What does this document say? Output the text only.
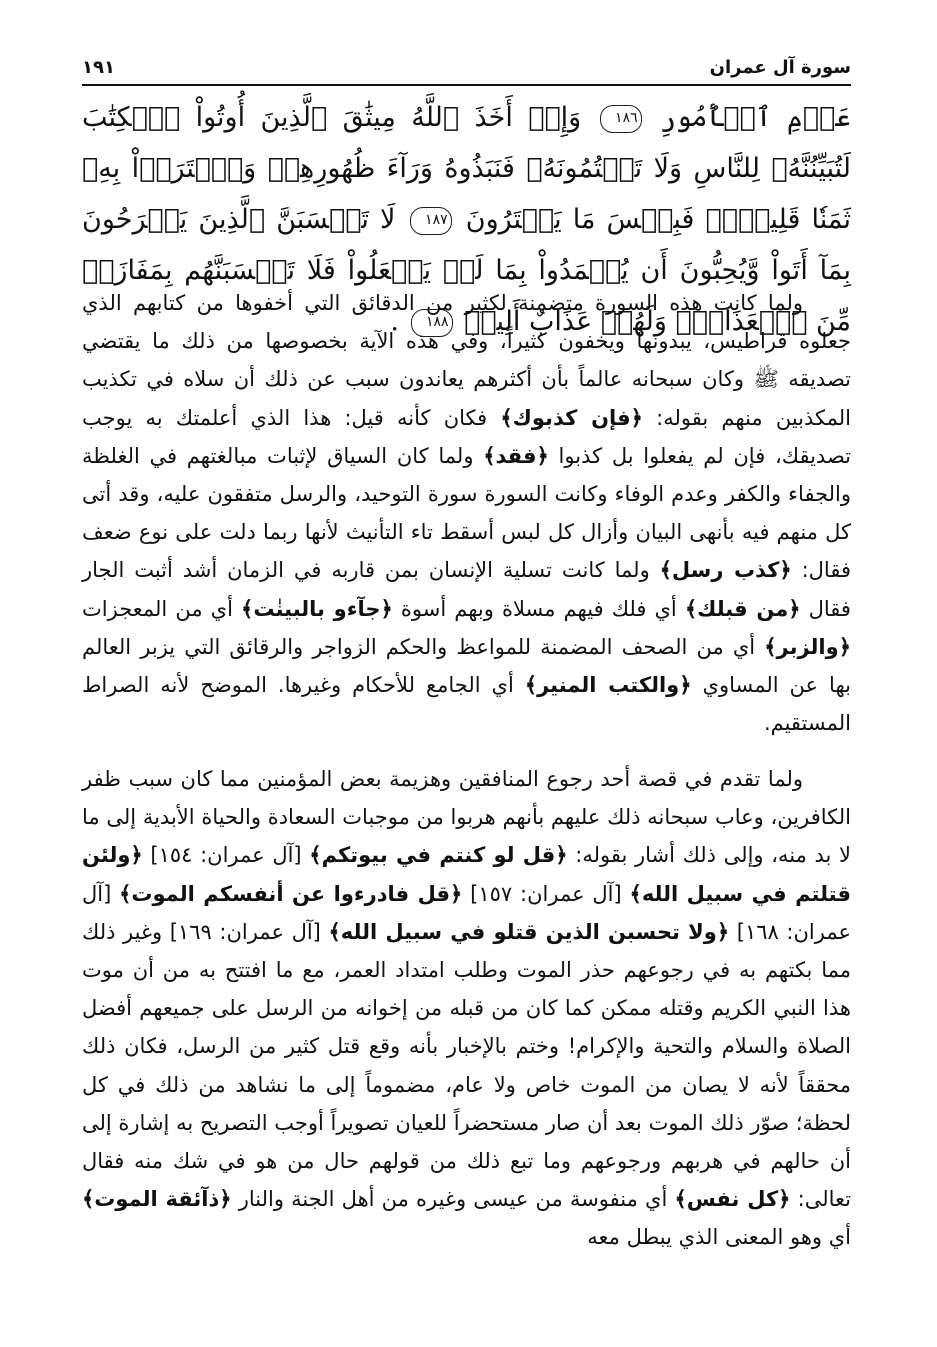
سورة آل عمران
١٩١

عَزۡمِ ٱلۡأُمُورِ ١٨٦ وَإِذۡ أَخَذَ ٱللَّهُ مِيثَٰقَ ٱلَّذِينَ أُوتُواْ ٱلۡكِتَٰبَ لَتُبَيِّنُنَّهُۥ لِلنَّاسِ وَلَا تَكۡتُمُونَهُۥ فَنَبَذُوهُ وَرَآءَ ظُهُورِهِمۡ وَٱشۡتَرَوۡاْ بِهِۦ ثَمَنٗا قَلِيلٗاۖ فَبِئۡسَ مَا يَشۡتَرُونَ ١٨٧ لَا تَحۡسَبَنَّ ٱلَّذِينَ يَفۡرَحُونَ بِمَآ أَتَواْ وَّيُحِبُّونَ أَن يُحۡمَدُواْ بِمَا لَمۡ يَفۡعَلُواْ فَلَا تَحۡسَبَنَّهُم بِمَفَازَةٖ مِّنَ ٱلۡعَذَابِۖ وَلَهُمۡ عَذَابٌ أَلِيمٞ ١٨٨ .

ولما كانت هذه السورة متضمنة لكثير من الدقائق التي أخفوها من كتابهم الذي جعلوه قراطيس، يبدونها ويخفون كثيراً، وفي هذه الآية بخصوصها من ذلك ما يقتضي تصديقه ﷺ وكان سبحانه عالماً بأن أكثرهم يعاندون سبب عن ذلك أن سلاه في تكذيب المكذبين منهم بقوله: ﴿فإن كذبوك﴾ فكان كأنه قيل: هذا الذي أعلمتك به يوجب تصديقك، فإن لم يفعلوا بل كذبوا ﴿فقد﴾ ولما كان السياق لإثبات مبالغتهم في الغلظة والجفاء والكفر وعدم الوفاء وكانت السورة سورة التوحيد، والرسل متفقون عليه، وقد أتى كل منهم فيه بأنهى البيان وأزال كل لبس أسقط تاء التأنيث لأنها ربما دلت على نوع ضعف فقال: ﴿كذب رسل﴾ ولما كانت تسلية الإنسان بمن قاربه في الزمان أشد أثبت الجار فقال ﴿من قبلك﴾ أي فلك فيهم مسلاة وبهم أسوة ﴿جآءو بالبينٰت﴾ أي من المعجزات ﴿والزبر﴾ أي من الصحف المضمنة للمواعظ والحكم الزواجر والرقائق التي يزبر العالم بها عن المساوي ﴿والكتب المنير﴾ أي الجامع للأحكام وغيرها. الموضح لأنه الصراط المستقيم.

ولما تقدم في قصة أحد رجوع المنافقين وهزيمة بعض المؤمنين مما كان سبب ظفر الكافرين، وعاب سبحانه ذلك عليهم بأنهم هربوا من موجبات السعادة والحياة الأبدية إلى ما لا بد منه، وإلى ذلك أشار بقوله: ﴿قل لو كنتم في بيوتكم﴾ [آل عمران: ١٥٤] ﴿ولئن قتلتم في سبيل الله﴾ [آل عمران: ١٥٧] ﴿قل فادرءوا عن أنفسكم الموت﴾ [آل عمران: ١٦٨] ﴿ولا تحسبن الذين قتلو في سبيل الله﴾ [آل عمران: ١٦٩] وغير ذلك مما بكتهم به في رجوعهم حذر الموت وطلب امتداد العمر، مع ما افتتح به من أن موت هذا النبي الكريم وقتله ممكن كما كان من قبله من إخوانه من الرسل على جميعهم أفضل الصلاة والسلام والتحية والإكرام! وختم بالإخبار بأنه وقع قتل كثير من الرسل، فكان ذلك محققاً لأنه لا يصان من الموت خاص ولا عام، مضموماً إلى ما نشاهد من ذلك في كل لحظة؛ صوّر ذلك الموت بعد أن صار مستحضراً للعيان تصويراً أوجب التصريح به إشارة إلى أن حالهم في هربهم ورجوعهم وما تبع ذلك من قولهم حال من هو في شك منه فقال تعالى: ﴿كل نفس﴾ أي منفوسة من عيسى وغيره من أهل الجنة والنار ﴿ذآئقة الموت﴾ أي وهو المعنى الذي يبطل معه
